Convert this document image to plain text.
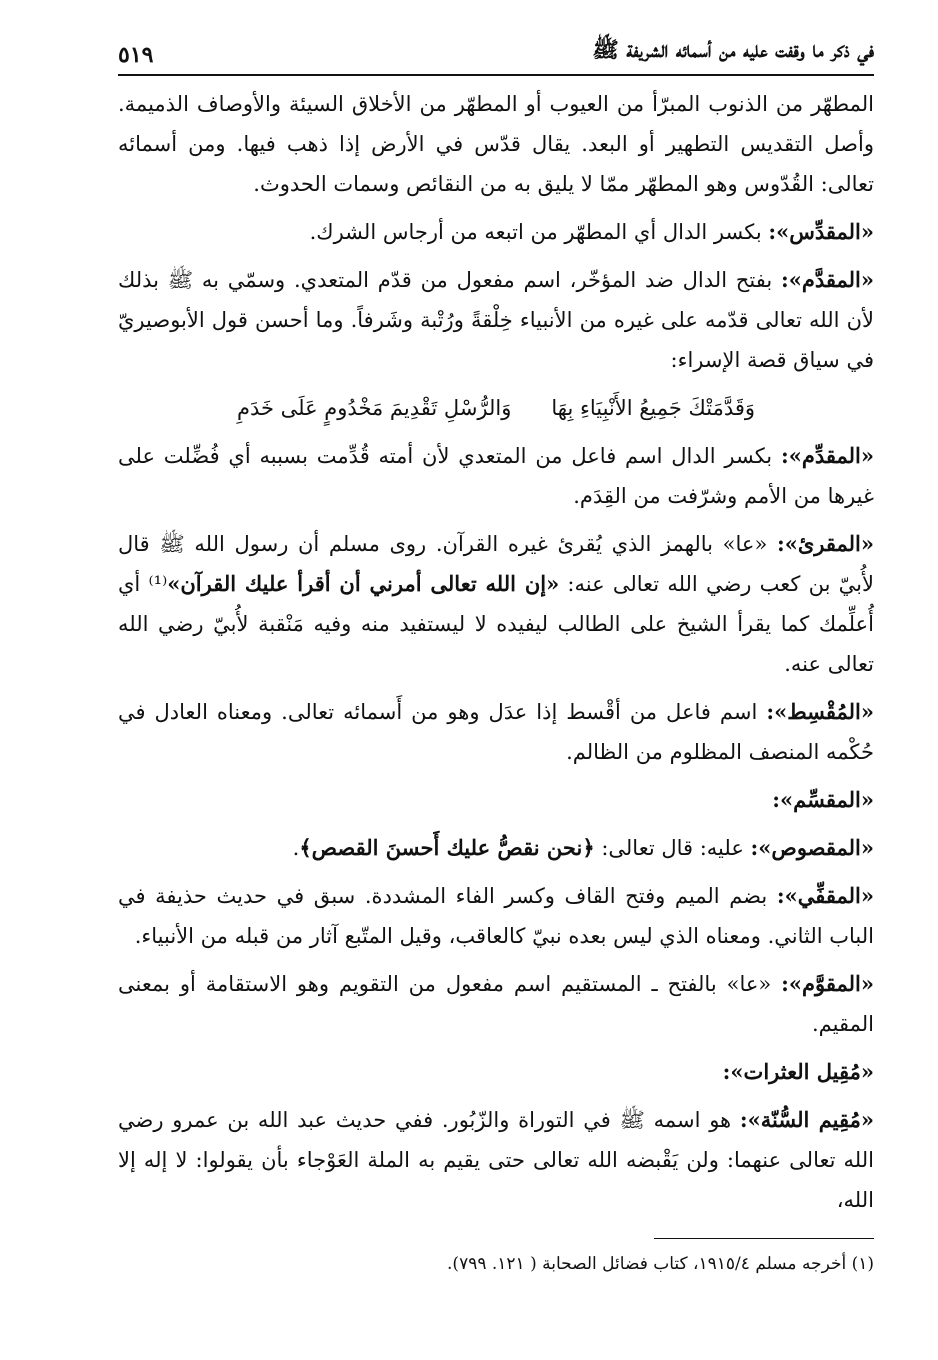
في ذكر ما وقفت عليه من أسمائه الشريفة ﷺ
٥١٩

المطهّر من الذنوب المبرّأ من العيوب أو المطهّر من الأخلاق السيئة والأوصاف الذميمة. وأصل التقديس التطهير أو البعد. يقال قدّس في الأرض إذا ذهب فيها. ومن أسمائه تعالى: القُدّوس وهو المطهّر ممّا لا يليق به من النقائص وسمات الحدوث.

«المقدِّس»: بكسر الدال أي المطهّر من اتبعه من أرجاس الشرك.

«المقدَّم»: بفتح الدال ضد المؤخّر، اسم مفعول من قدّم المتعدي. وسمّي به ﷺ بذلك لأن الله تعالى قدّمه على غيره من الأنبياء خِلْقةً ورُتْبة وشَرفاً. وما أحسن قول الأبوصيريّ في سياق قصة الإسراء:

وَقَدَّمَتْكَ جَمِيعُ الأَنْبِيَاءِ بِهَا
وَالرُّسْلِ تَقْدِيمَ مَخْدُومٍ عَلَى خَدَمِ

«المقدِّم»: بكسر الدال اسم فاعل من المتعدي لأن أمته قُدِّمت بسببه أي فُضِّلت على غيرها من الأمم وشرّفت من القِدَم.

«المقرئ»: «عا» بالهمز الذي يُقرئ غيره القرآن. روى مسلم أن رسول الله ﷺ قال لأُبيّ بن كعب رضي الله تعالى عنه: «إن الله تعالى أمرني أن أقرأ عليك القرآن»⁽¹⁾ أي أُعلِّمك كما يقرأ الشيخ على الطالب ليفيده لا ليستفيد منه وفيه مَنْقبة لأُبيّ رضي الله تعالى عنه.

«المُقْسِط»: اسم فاعل من أقْسط إذا عدَل وهو من أَسمائه تعالى. ومعناه العادل في حُكْمه المنصف المظلوم من الظالم.

«المقسِّم»:

«المقصوص»: عليه: قال تعالى: ﴿نحن نقصُّ عليك أَحسنَ القصص﴾.

«المقفِّي»: بضم الميم وفتح القاف وكسر الفاء المشددة. سبق في حديث حذيفة في الباب الثاني. ومعناه الذي ليس بعده نبيّ كالعاقب، وقيل المتّبع آثار من قبله من الأنبياء.

«المقوَّم»: «عا» بالفتح ـ المستقيم اسم مفعول من التقويم وهو الاستقامة أو بمعنى المقيم.

«مُقِيل العثرات»:

«مُقِيم السُّنّة»: هو اسمه ﷺ في التوراة والزّبُور. ففي حديث عبد الله بن عمرو رضي الله تعالى عنهما: ولن يَقْبضه الله تعالى حتى يقيم به الملة العَوْجاء بأن يقولوا: لا إله إلا الله،

(١) أخرجه مسلم ١٩١٥/٤، كتاب فضائل الصحابة ( ١٢١. ٧٩٩).
